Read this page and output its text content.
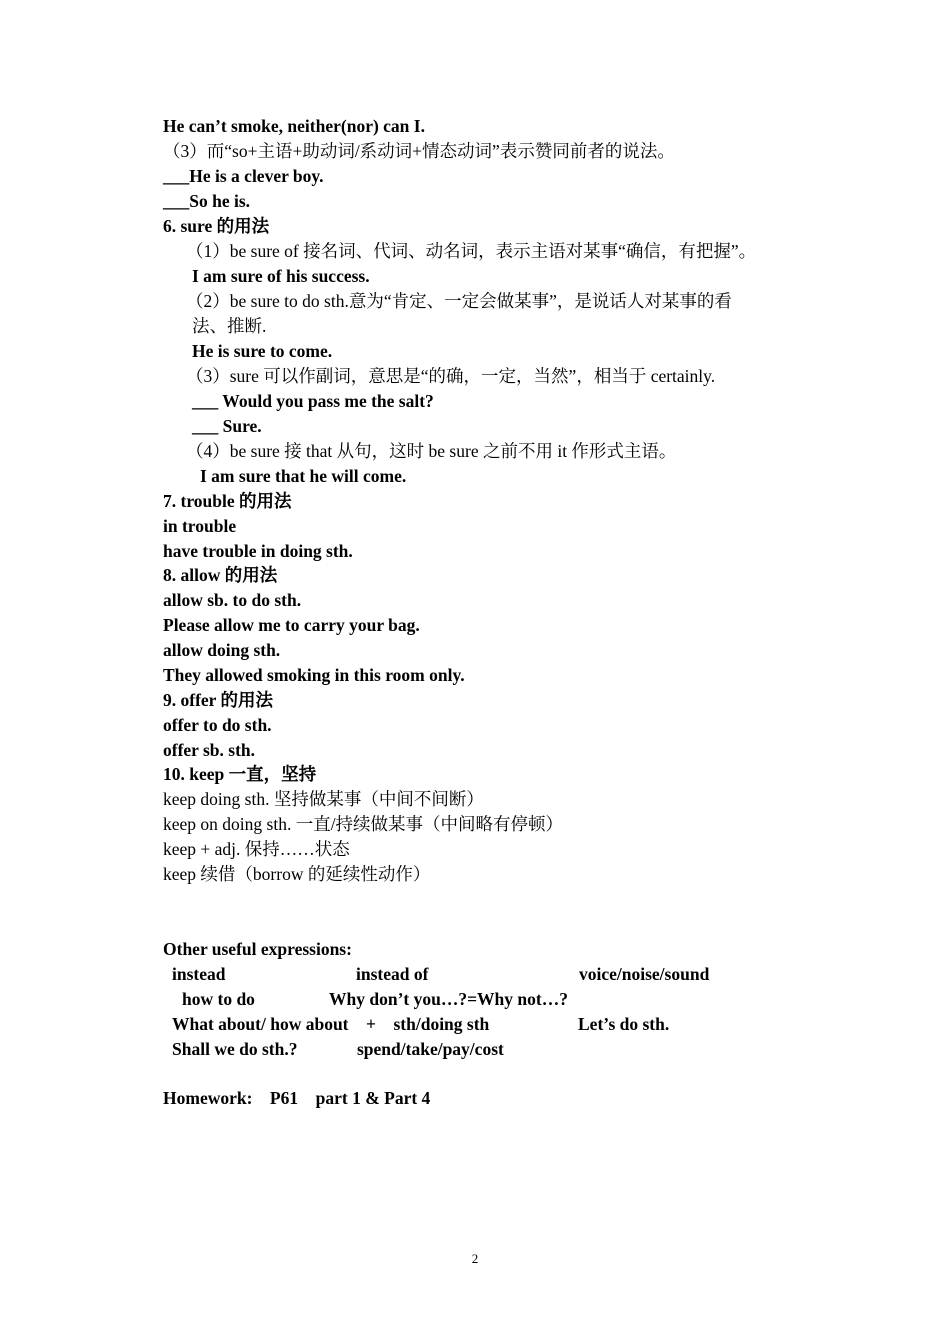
He can’t smoke, neither(nor) can I.
（3）而“so+主语+助动词/系动词+情态动词”表示赞同前者的说法。
___He is a clever boy.
___So he is.
6. sure 的用法
（1）be sure of 接名词、代词、动名词，表示主语对某事“确信，有把握”。
I am sure of his success.
（2）be sure to do sth.意为“肯定、一定会做某事”，是说话人对某事的看
法、推断.
He is sure to come.
（3）sure 可以作副词，意思是“的确，一定，当然”，相当于 certainly.
___ Would you pass me the salt?
___ Sure.
（4）be sure 接 that 从句，这时 be sure 之前不用 it 作形式主语。
I am sure that he will come.
7. trouble 的用法
in trouble
have trouble in doing sth.
8. allow 的用法
allow sb. to do sth.
Please allow me to carry your bag.
allow doing sth.
They allowed smoking in this room only.
9. offer 的用法
offer to do sth.
offer sb. sth.
10. keep 一直，坚持
keep doing sth. 坚持做某事（中间不间断）
keep on doing sth. 一直/持续做某事（中间略有停顿）
keep + adj. 保持……状态
keep 续借（borrow 的延续性动作）
Other useful expressions:
instead	instead of	voice/noise/sound
how to do	Why don’t you…?=Why not…?
What about/ how about    +    sth/doing sth	Let’s do sth.
Shall we do sth.?	spend/take/pay/cost
Homework:    P61    part 1 & Part 4
2
